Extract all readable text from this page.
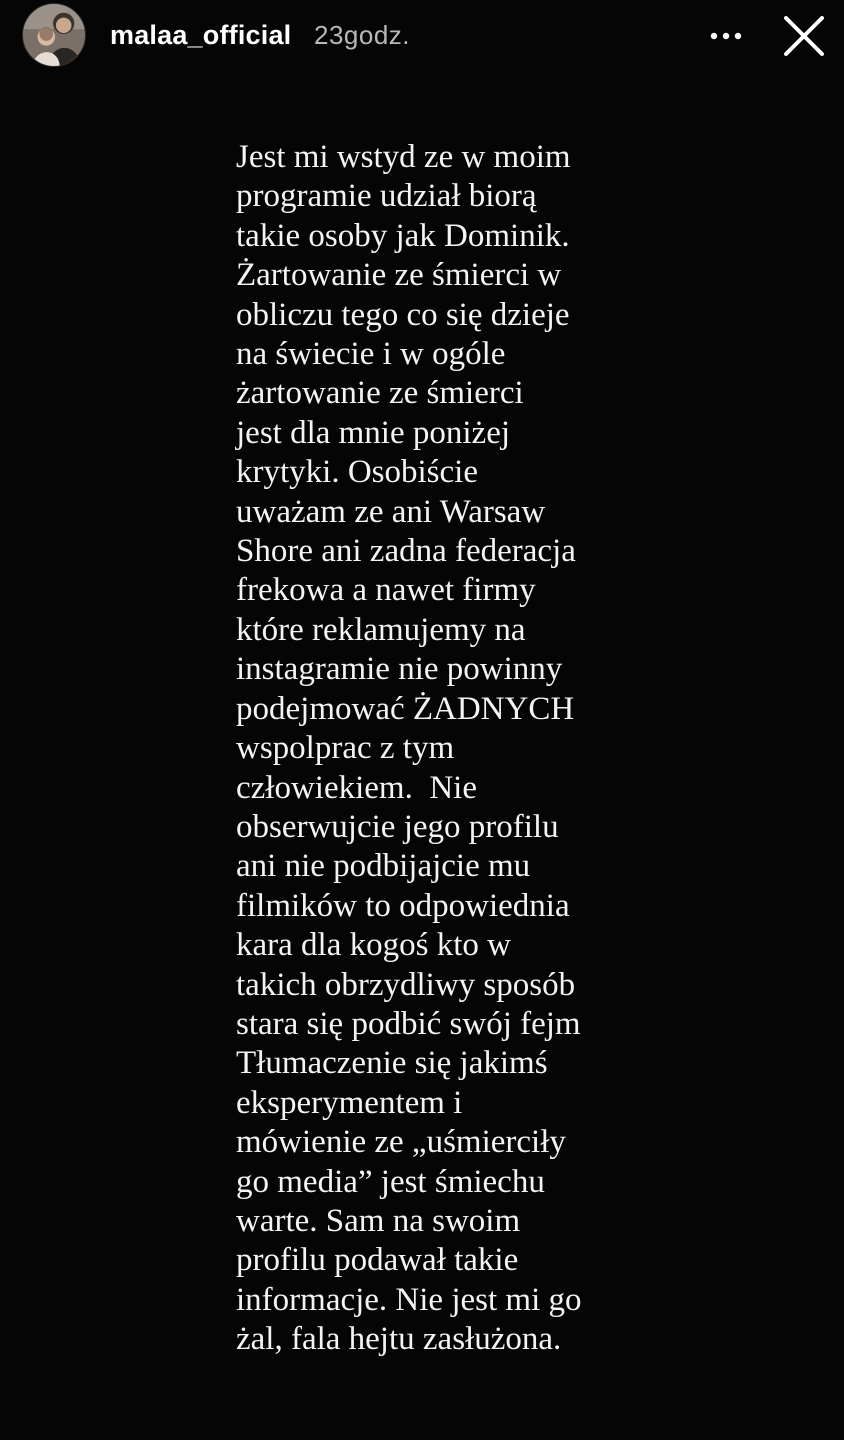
malaa_official 23godz.
Jest mi wstyd ze w moim
programie udział biorą
takie osoby jak Dominik.
Żartowanie ze śmierci w
obliczu tego co się dzieje
na świecie i w ogóle
żartowanie ze śmierci
jest dla mnie poniżej
krytyki. Osobiście
uważam ze ani Warsaw
Shore ani zadna federacja
frekowa a nawet firmy
które reklamujemy na
instagramie nie powinny
podejmować ŻADNYCH
wspolprac z tym
człowiekiem.  Nie
obserwujcie jego profilu
ani nie podbijajcie mu
filmików to odpowiednia
kara dla kogoś kto w
takich obrzydliwy sposób
stara się podbić swój fejm
Tłumaczenie się jakimś
eksperymentem i
mówienie ze „uśmierciły
go media” jest śmiechu
warte. Sam na swoim
profilu podawał takie
informacje. Nie jest mi go
żal, fala hejtu zasłużona.
